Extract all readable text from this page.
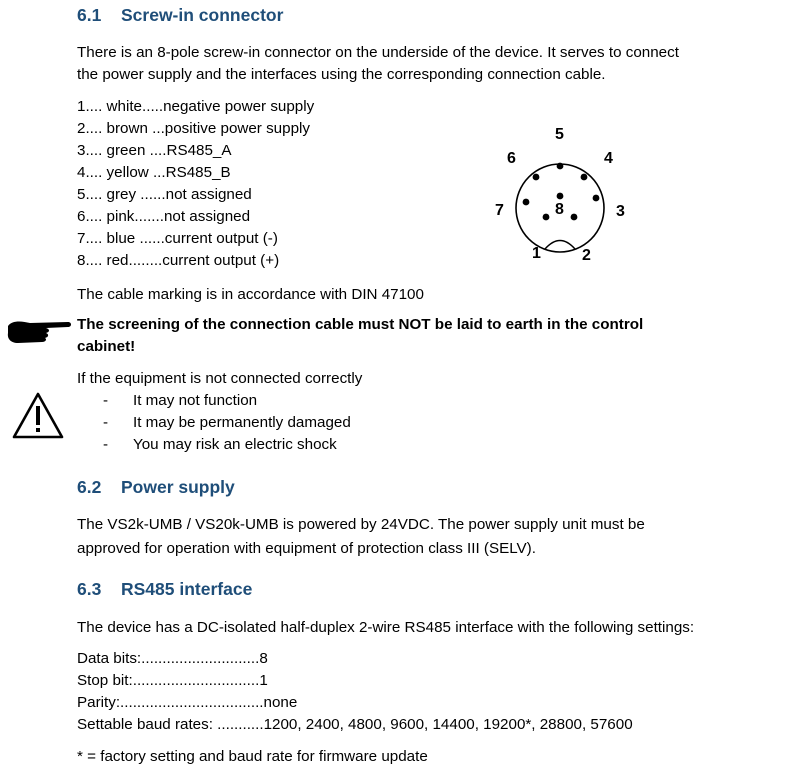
6.1 Screw-in connector
There is an 8-pole screw-in connector on the underside of the device. It serves to connect
the power supply and the interfaces using the corresponding connection cable.
1.... white.....negative power supply
2.... brown ...positive power supply
3.... green ....RS485_A
4.... yellow ...RS485_B
5.... grey ......not assigned
6.... pink.......not assigned
7.... blue ......current output (-)
8.... red........current output (+)	1	2
3
4
5
6
7	8
The cable marking is in accordance with DIN 47100
The screening of the connection cable must NOT be laid to earth in the control
cabinet!
If the equipment is not connected correctly
- It may not function
- It may be permanently damaged
- You may risk an electric shock
6.2 Power supply
The VS2k-UMB / VS20k-UMB is powered by 24VDC. The power supply unit must be
approved for operation with equipment of protection class III (SELV).
6.3 RS485 interface
The device has a DC-isolated half-duplex 2-wire RS485 interface with the following settings:
Data bits:............................8
Stop bit:..............................1
Parity:..................................none
Settable baud rates: ...........1200, 2400, 4800, 9600, 14400, 19200*, 28800, 57600
* = factory setting and baud rate for firmware update
